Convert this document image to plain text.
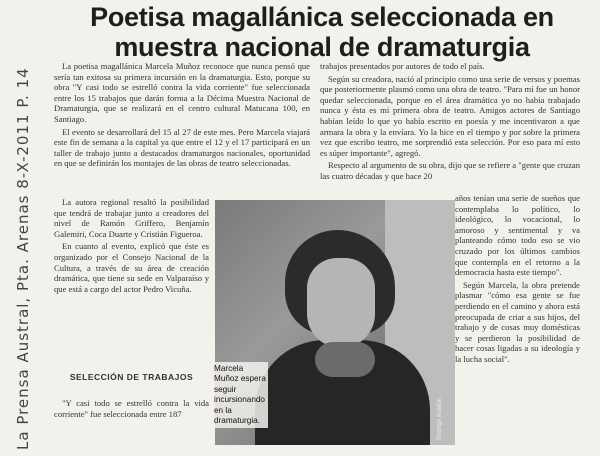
Poetisa magallánica seleccionada en muestra nacional de dramaturgia
La Prensa Austral, Pta. Arenas 8-X-2011 P. 14

La poetisa magallánica Marcela Muñoz reconoce que nunca pensó que sería tan exitosa su primera incursión en la dramaturgia. Esto, porque su obra "Y casi todo se estrelló contra la vida corriente" fue seleccionada entre los 15 trabajos que darán forma a la Décima Muestra Nacional de Dramaturgia, que se realizará en el centro cultural Matucana 100, en Santiago.

El evento se desarrollará del 15 al 27 de este mes. Pero Marcela viajará este fin de semana a la capital ya que entre el 12 y el 17 participará en un taller de trabajo junto a destacados dramaturgos nacionales, oportunidad en que se definirán los montajes de las obras de teatro seleccionadas.

La autora regional resaltó la posibilidad que tendrá de trabajar junto a creadores del nivel de Ramón Griffero, Benjamín Galemiri, Coca Duarte y Cristián Figueroa.

En cuanto al evento, explicó que éste es organizado por el Consejo Nacional de la Cultura, a través de su área de creación dramática, que tiene su sede en Valparaíso y que está a cargo del actor Pedro Vicuña.

SELECCIÓN DE TRABAJOS

"Y casi todo se estrelló contra la vida corriente" fue seleccionada entre 187

trabajos presentados por autores de todo el país.

Según su creadora, nació al principio como una serie de versos y poemas que posteriormente plasmó como una obra de teatro. "Para mí fue un honor quedar seleccionada, porque en el área dramática yo no había trabajado nunca y ésta es mi primera obra de teatro. Amigos actores de Santiago habían leído lo que yo había escrito en poesía y me incentivaron a que armara la obra y la envíara. Yo la hice en el tiempo y por sobre la primera vez que escribo teatro, me sorprendió esta selección. Por eso para mí esto es súper importante", agregó.

Respecto al argumento de su obra, dijo que se refiere a "gente que cruzan las cuatro décadas y que hace 20

años tenían una serie de sueños que contemplaba lo político, lo ideológico, lo vocacional, lo amoroso y sentimental y va planteando cómo todo eso se vio cruzado por los últimos cambios que contempla en el retorno a la democracia hasta este tiempo".

Según Marcela, la obra pretende plasmar "cómo esa gente se fue perdiendo en el camino y ahora está preocupada de criar a sus hijos, del trabajo y de cosas muy domésticas y se perdieron la posibilidad de hacer cosas ligadas a su ideología y la lucha social".

Marcela Muñoz espera seguir incursionando en la dramaturgia.	Rodrigo Aceitón
